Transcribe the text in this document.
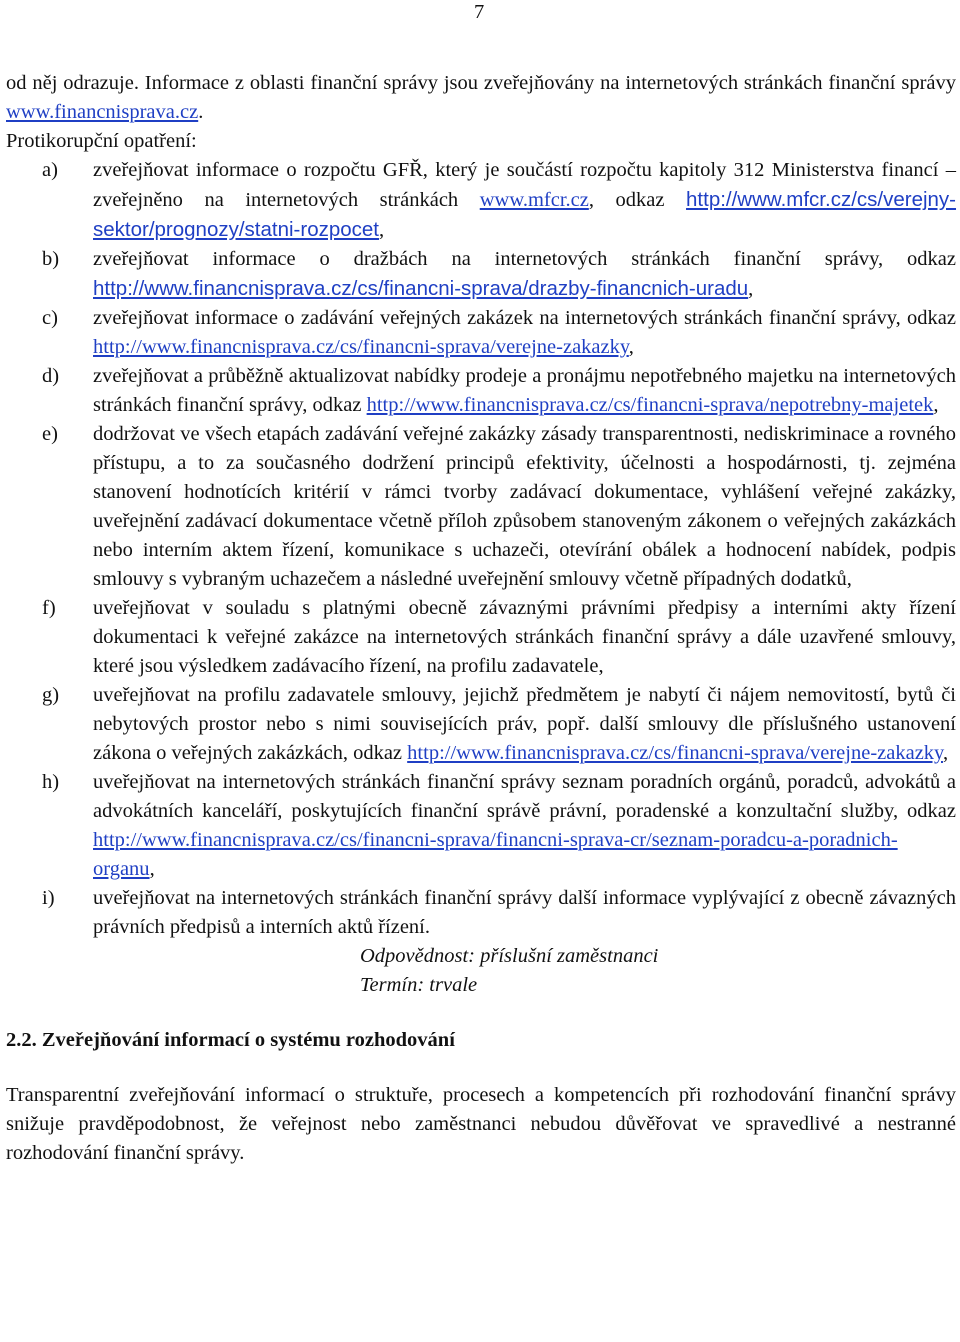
7

od něj odrazuje. Informace z oblasti finanční správy jsou zveřejňovány na internetových stránkách finanční správy www.financnisprava.cz.

Protikorupční opatření:

a)	zveřejňovat informace o rozpočtu GFŘ, který je součástí rozpočtu kapitoly 312 Ministerstva financí – zveřejněno na internetových stránkách www.mfcr.cz, odkaz http://www.mfcr.cz/cs/verejny-sektor/prognozy/statni-rozpocet,
b)	zveřejňovat informace o dražbách na internetových stránkách finanční správy, odkaz http://www.financnisprava.cz/cs/financni-sprava/drazby-financnich-uradu,
c)	zveřejňovat informace o zadávání veřejných zakázek na internetových stránkách finanční správy, odkaz http://www.financnisprava.cz/cs/financni-sprava/verejne-zakazky,
d)	zveřejňovat a průběžně aktualizovat nabídky prodeje a pronájmu nepotřebného majetku na internetových stránkách finanční správy, odkaz http://www.financnisprava.cz/cs/financni-sprava/nepotrebny-majetek,
e)	dodržovat ve všech etapách zadávání veřejné zakázky zásady transparentnosti, nediskriminace a rovného přístupu, a to za současného dodržení principů efektivity, účelnosti a hospodárnosti, tj. zejména stanovení hodnotících kritérií v rámci tvorby zadávací dokumentace, vyhlášení veřejné zakázky, uveřejnění zadávací dokumentace včetně příloh způsobem stanoveným zákonem o veřejných zakázkách nebo interním aktem řízení, komunikace s uchazeči, otevírání obálek a hodnocení nabídek, podpis smlouvy s vybraným uchazečem a následné uveřejnění smlouvy včetně případných dodatků,
f)	uveřejňovat v souladu s platnými obecně závaznými právními předpisy a interními akty řízení dokumentaci k veřejné zakázce na internetových stránkách finanční správy a dále uzavřené smlouvy, které jsou výsledkem zadávacího řízení, na profilu zadavatele,
g)	uveřejňovat na profilu zadavatele smlouvy, jejichž předmětem je nabytí či nájem nemovitostí, bytů či nebytových prostor nebo s nimi souvisejících práv, popř. další smlouvy dle příslušného ustanovení zákona o veřejných zakázkách, odkaz http://www.financnisprava.cz/cs/financni-sprava/verejne-zakazky,
h)	uveřejňovat na internetových stránkách finanční správy seznam poradních orgánů, poradců, advokátů a advokátních kanceláří, poskytujících finanční správě právní, poradenské a konzultační služby, odkaz http://www.financnisprava.cz/cs/financni-sprava/financni-sprava-cr/seznam-poradcu-a-poradnich-organu,
i)	uveřejňovat na internetových stránkách finanční správy další informace vyplývající z obecně závazných právních předpisů a interních aktů řízení.

Odpovědnost: příslušní zaměstnanci

Termín: trvale

2.2. Zveřejňování informací o systému rozhodování

Transparentní zveřejňování informací o struktuře, procesech a kompetencích při rozhodování finanční správy snižuje pravděpodobnost, že veřejnost nebo zaměstnanci nebudou důvěřovat ve spravedlivé a nestranné rozhodování finanční správy.
